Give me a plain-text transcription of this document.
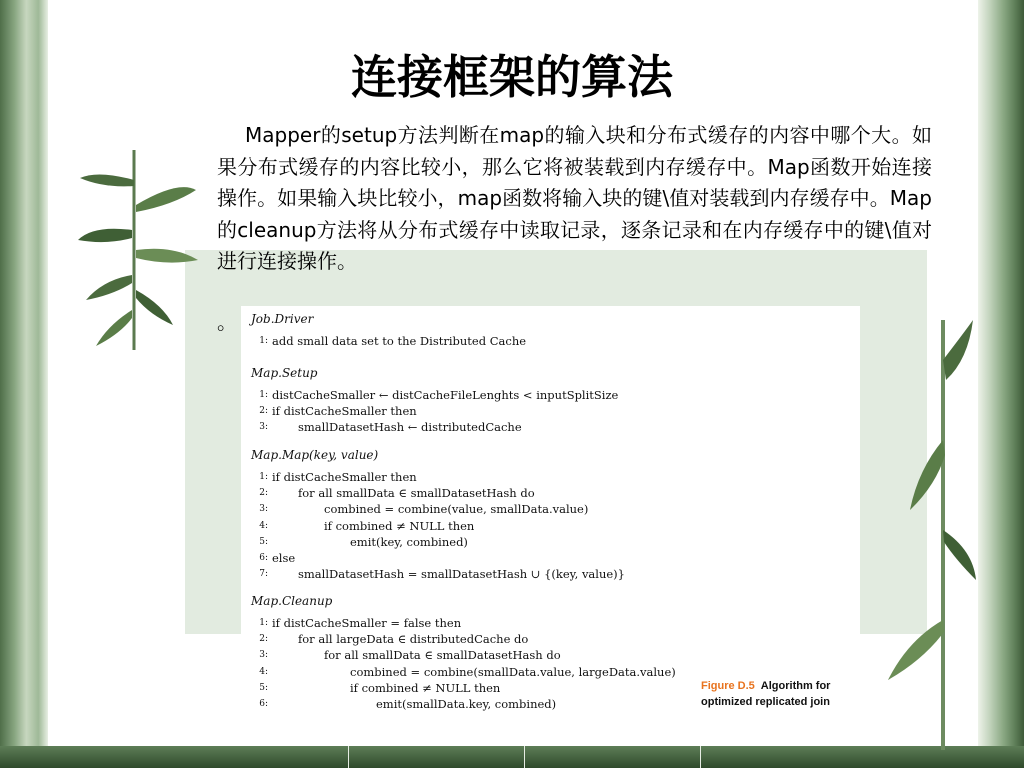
连接框架的算法
Mapper的setup方法判断在map的输入块和分布式缓存的内容中哪个大。如果分布式缓存的内容比较小，那么它将被装载到内存缓存中。Map函数开始连接操作。如果输入块比较小，map函数将输入块的键\值对装载到内存缓存中。Map的cleanup方法将从分布式缓存中读取记录，逐条记录和在内存缓存中的键\值对进行连接操作。
。
Figure D.5 Algorithm for optimized replicated join
Job.Driver
1: add small data set to the Distributed Cache
Map.Setup
1: distCacheSmaller ← distCacheFileLenghts < inputSplitSize
2: if distCacheSmaller then
3:	smallDatasetHash ← distributedCache
Map.Map(key, value)
1: if distCacheSmaller then
2:	for all smallData ∈ smallDatasetHash do
3:	combined = combine(value, smallData.value)
4:	if combined ≠ NULL then
5:	emit(key, combined)
6: else
7:	smallDatasetHash = smallDatasetHash ∪ {(key, value)}
Map.Cleanup
1: if distCacheSmaller = false then
2:	for all largeData ∈ distributedCache do
3:	for all smallData ∈ smallDatasetHash do
4:	combined = combine(smallData.value, largeData.value)
5:	if combined ≠ NULL then
6:	emit(smallData.key, combined)
